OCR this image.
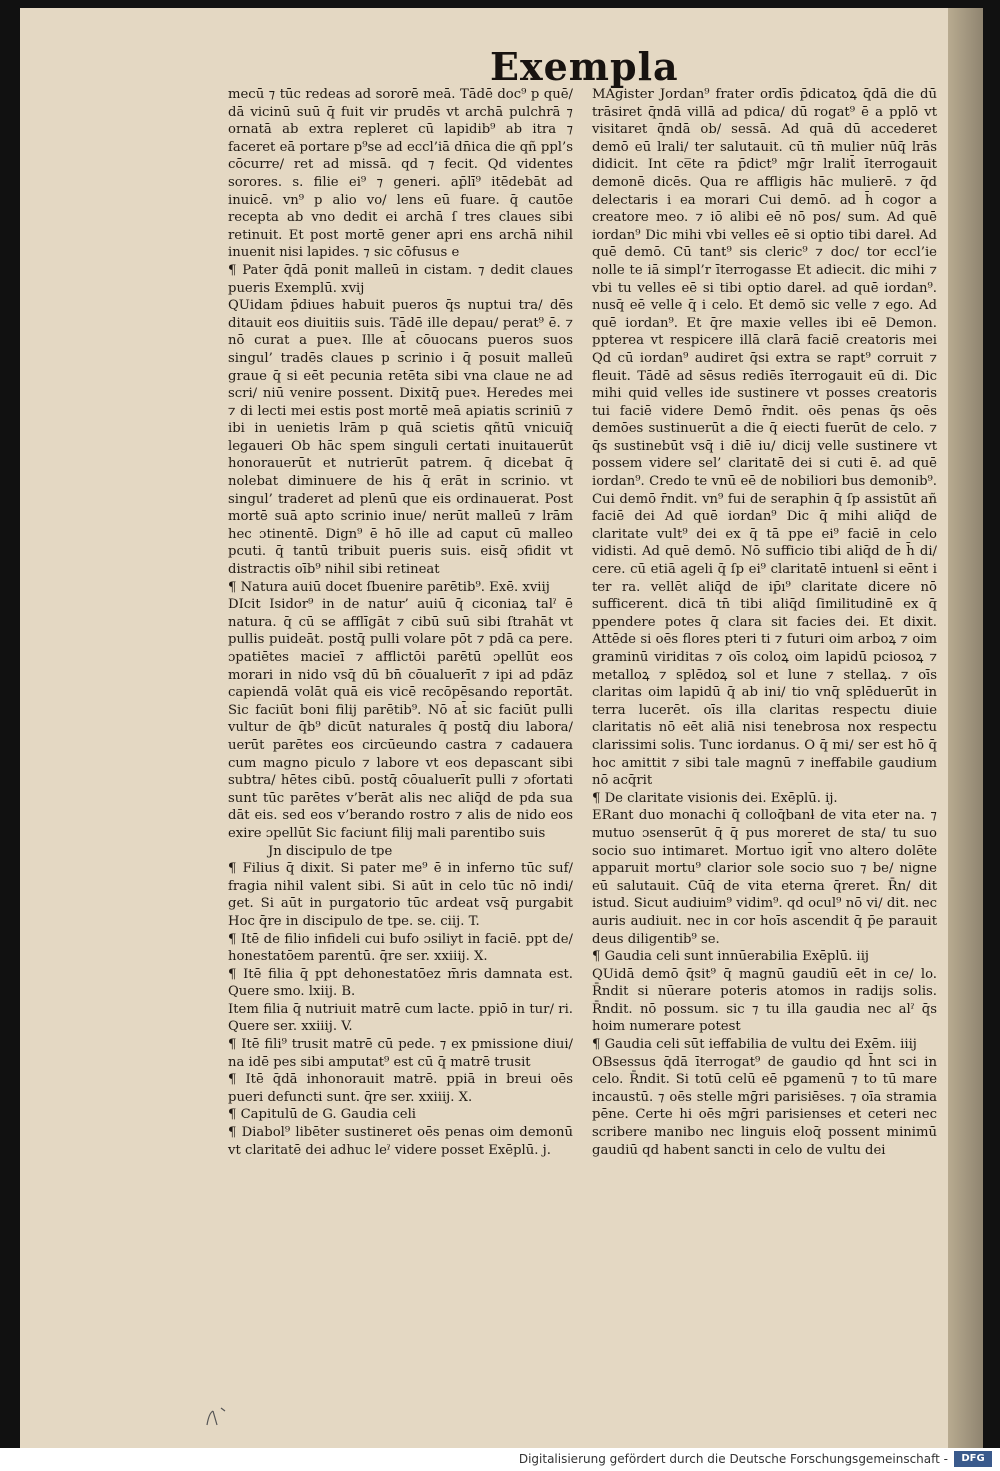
Exempla

mecū ⁊ tūc redeas ad sororē meā. Tādē doc⁹ p quē/ dā vicinū suū q̄ fuit vir prudēs vt archā pulchrā ⁊ ornatā ab extra repleret cū lapidib⁹ ab itra ⁊ faceret eā portare p⁹se ad eccl’iā dn̄ica die qñ ppl’s cōcurre/ ret ad missā. qd ⁊ fecit. Qd videntes sorores. s. filie ei⁹ ⁊ generi. ap̄lī⁹ itēdebāt ad inuicē. vn⁹ p alio vo/ lens eū fuare. q̄ cautōe recepta ab vno dedit ei archā ſ tres claues sibi retinuit. Et post mortē gener apri ens archā nihil inuenit nisi lapides. ⁊ sic cōfusus e

¶ Pater q̄dā ponit malleū in cistam. ⁊ dedit claues pueris Exemplū. xvij

QUidam p̄diues habuit pueros q̄s nuptui tra/ dēs ditauit eos diuitiis suis. Tādē ille depau/ perat⁹ ē. ⁊ nō curat a pueꝛ. Ille at̄ cōuocans pueros suos singul’ tradēs claues p scrinio i q̄ posuit malleū graue q̄ si eēt pecunia retēta sibi vna claue ne ad scri/ niū venire possent. Dixitq̄ pueꝛ. Heredes mei ⁊ di lecti mei estis post mortē meā apiatis scriniū ⁊ ibi in uenietis lrām p quā scietis qñtū vnicuiq̄ legaueri Ob hāc spem singuli certati inuitauerūt honorauerūt et nutrierūt patrem. q̄ dicebat q̄ nolebat diminuere de his q̄ erāt in scrinio. vt singul’ traderet ad plenū que eis ordinauerat. Post mortē suā apto scrinio inue/ nerūt malleū ⁊ lrām hec ɔtinentē. Dign⁹ ē hō ille ad caput cū malleo pcuti. q̄ tantū tribuit pueris suis. eisq̄ ɔfidit vt distractis oīb⁹ nihil sibi retineat

¶ Natura auiū docet ſbuenire parētib⁹. Exē. xviij

DIcit Isidor⁹ in de natur’ auiū q̄ ciconiaꝝ talˀ ē natura. q̄ cū se afflīgāt ⁊ cibū suū sibi ſtrahāt vt pullis puideāt. postq̄ pulli volare pōt ⁊ pdā ca pere. ɔpatiētes macieī ⁊ afflictōi parētū ɔpellūt eos morari in nido vsq̄ dū bn̄ cōualuerīt ⁊ ipi ad pdāz capiendā volāt quā eis vicē recōpēsando reportāt. Sic faciūt boni filij parētib⁹. Nō at̄ sic faciūt pulli vultur de q̄b⁹ dicūt naturales q̄ postq̄ diu labora/ uerūt parētes eos circūeundo castra ⁊ cadauera cum magno piculo ⁊ labore vt eos depascant sibi subtra/ hētes cibū. postq̄ cōualuerīt pulli ⁊ ɔfortati sunt tūc parētes v’berāt alis nec aliq̄d de pda sua dāt eis. sed eos v’berando rostro ⁊ alis de nido eos exire ɔpellūt Sic faciunt filij mali parentibo suis

Jn discipulo de tpe

¶ Filius q̄ dixit. Si pater me⁹ ē in inferno tūc suf/ fragia nihil valent sibi. Si aūt in celo tūc nō indi/ get. Si aūt in purgatorio tūc ardeat vsq̄ purgabit Hoc q̄re in discipulo de tpe. se. ciij. T.

¶ Itē de filio infideli cui bufo ɔsiliyt in faciē. ppt de/ honestatōem parentū. q̄re ser. xxiiij. X.

¶ Itē filia q̄ ppt dehonestatōez m̄ris damnata est. Quere smo. lxiij. B.

Item filia q̄ nutriuit matrē cum lacte. ppiō in tur/ ri. Quere ser. xxiiij. V.

¶ Itē fili⁹ trusit matrē cū pede. ⁊ ex pmissione diui/ na idē pes sibi amputat⁹ est cū q̄ matrē trusit

¶ Itē q̄dā inhonorauit matrē. ppiā in breui oēs pueri defuncti sunt. q̄re ser. xxiiij. X.

¶ Capitulū de G. Gaudia celi

¶ Diabol⁹ libēter sustineret oēs penas oim demonū vt claritatē dei adhuc leˀ videre posset Exēplū. j.

MAgister Jordan⁹ frater ordīs p̄dicatoꝝ q̄dā die dū trāsiret q̄ndā villā ad pdica/ dū rogat⁹ ē a pplō vt visitaret q̄ndā ob/ sessā. Ad quā dū accederet demō eū lrali/ ter salutauit. cū tn̄ mulier nūq̄ lrās didicit. Int ce̅te ra p̄dict⁹ mḡr lralit̄ īterrogauit demonē dicēs. Qua re affligis hāc mulierē. ⁊ q̄d delectaris i ea morari Cui demō. ad h̄ cogor a creatore meo. ⁊ iō alibi eē nō pos/ sum. Ad quē iordan⁹ Dic mihi vbi velles eē si optio tibi dareƚ. Ad quē demō. Cū tant⁹ sis cleric⁹ ⁊ doc/ tor eccl’ie nolle te iā simpl’r īterrogasse Et adiecit. dic mihi ⁊ vbi tu velles eē si tibi optio dareƚ. ad quē iordan⁹. nusq̄ eē velle q̄ i celo. Et demō sic velle ⁊ ego. Ad quē iordan⁹. Et q̄re maxie velles ibi eē Demon. ppterea vt respicere illā clarā faciē creatoris mei Qd cū iordan⁹ audiret q̄si extra se rapt⁹ corruit ⁊ fleuit. Tādē ad sēsus rediēs īterrogauit eū di. Dic mihi quid velles ide sustinere vt posses creatoris tui faciē videre Demō r̄ndit. oēs penas q̄s oēs demōes sustinuerūt a die q̄ eiecti fuerūt de celo. ⁊ q̄s sustinebūt vsq̄ i diē iu/ dicij velle sustinere vt possem videre sel’ claritatē dei si cuti ē. ad quē iordan⁹. Credo te vnū eē de nobiliori bus demonib⁹. Cui demō r̄ndit. vn⁹ fui de seraphin q̄ ſp assistūt añ faciē dei Ad quē iordan⁹ Dic q̄ mihi aliq̄d de claritate vult⁹ dei ex q̄ tā ppe ei⁹ faciē in celo vidisti. Ad quē demō. Nō sufficio tibi aliq̄d de h̄ di/ cere. cū etiā ageli q̄ ſp ei⁹ claritatē intuenƚ si eēnt i ter ra. vellēt aliq̄d de ip̄ı⁹ claritate dicere nō sufficerent. dicā tn̄ tibi aliq̄d ſimilitudinē ex q̄ ppendere potes q̄ clara sit facies dei. Et dixit. Attēde si oēs flores pteri ti ⁊ futuri oim arboꝝ ⁊ oim graminū viriditas ⁊ oīs coloꝝ oim lapidū pciosoꝝ ⁊ metalloꝝ ⁊ splēdoꝝ sol et lune ⁊ stellaꝝ. ⁊ oīs claritas oim lapidū q̄ ab ini/ tio vnq̄ splēduerūt in terra lucerēt. oīs illa claritas respectu diuie claritatis nō eēt aliā nisi tenebrosa nox respectu clarissimi solis. Tunc iordanus. O q̄ mi/ ser est hō q̄ hoc amittit ⁊ sibi tale magnū ⁊ ineffabile gaudium nō acq̄rit

¶ De claritate visionis dei. Exēplū. ij.

ERant duo monachi q̄ colloq̄banƚ de vita eter na. ⁊ mutuo ɔsenserūt q̄ q̄ pus moreret de sta/ tu suo socio suo intimaret. Mortuo igit̄ vno altero dolēte apparuit mortu⁹ clarior sole socio suo ⁊ be/ nigne eū salutauit. Cūq̄ de vita eterna q̄reret. R̄n/ dit istud. Sicut audiuim⁹ vidim⁹. qd ocul⁹ nō vi/ dit. nec auris audiuit. nec in cor hoīs ascendit q̄ p̄e parauit deus diligentib⁹ se.

¶ Gaudia celi sunt innūerabilia Exēplū. iij

QUidā demō q̄sit⁹ q̄ magnū gaudiū eēt in ce/ lo. R̄ndit si nūerare poteris atomos in radijs solis. R̄ndit. nō possum. sic ⁊ tu illa gaudia nec alˀ q̄s hoim numerare potest

¶ Gaudia celi sūt ieffabilia de vultu dei Exēm. iiij

OBsessus q̄dā īterrogat⁹ de gaudio qd h̄nt sci in celo. R̄ndit. Si totū celū eē pgamenū ⁊ to tū mare incaustū. ⁊ oēs stelle mḡri parisiēses. ⁊ oīa stramia pēne. Certe hi oēs mḡri parisienses et ceteri nec scribere manibo nec linguis eloq̄ possent minimū gaudiū qd habent sancti in celo de vultu dei

Digitalisierung gefördert durch die Deutsche Forschungsgemeinschaft -	DFG
